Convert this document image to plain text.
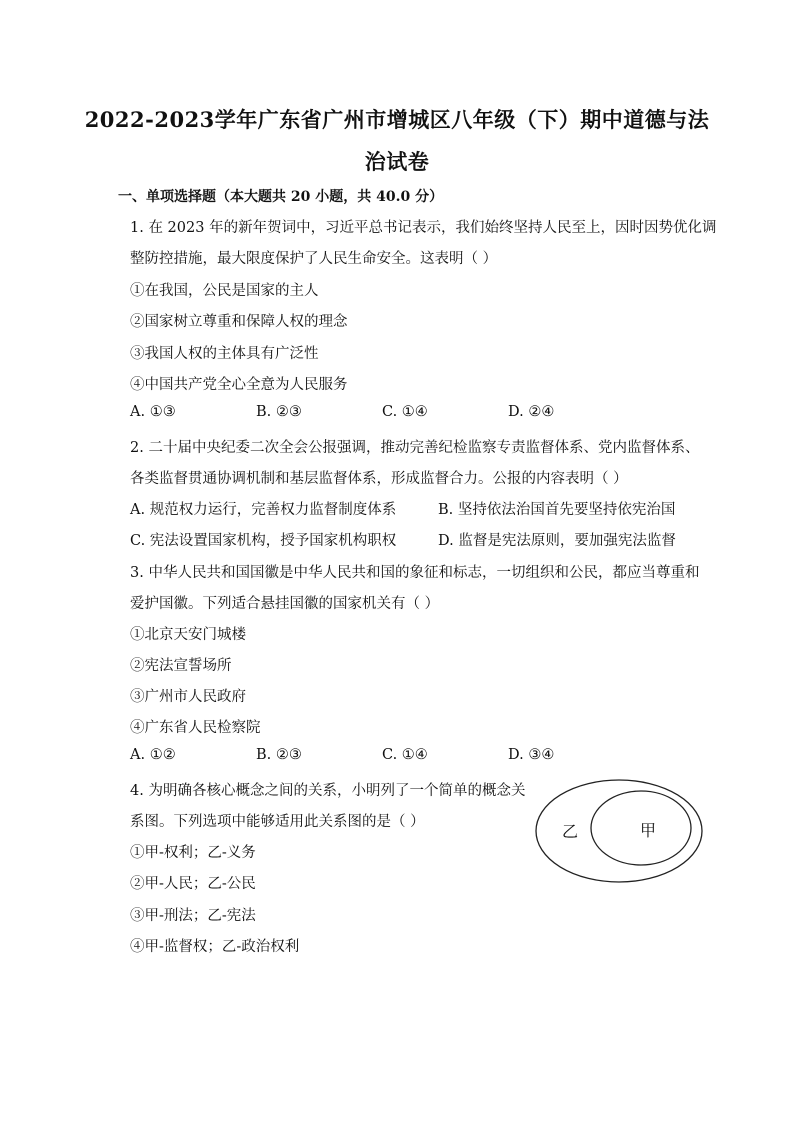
2022-2023学年广东省广州市增城区八年级（下）期中道德与法
治试卷
一、单项选择题（本大题共 20 小题，共 40.0 分）
1. 在 2023 年的新年贺词中，习近平总书记表示，我们始终坚持人民至上，因时因势优化调
整防控措施，最大限度保护了人民生命安全。这表明（ ）
①在我国，公民是国家的主人
②国家树立尊重和保障人权的理念
③我国人权的主体具有广泛性
④中国共产党全心全意为人民服务
A. ①③	B. ②③	C. ①④	D. ②④
2. 二十届中央纪委二次全会公报强调，推动完善纪检监察专责监督体系、党内监督体系、
各类监督贯通协调机制和基层监督体系，形成监督合力。公报的内容表明（ ）
A. 规范权力运行，完善权力监督制度体系	B. 坚持依法治国首先要坚持依宪治国
C. 宪法设置国家机构，授予国家机构职权	D. 监督是宪法原则，要加强宪法监督
3. 中华人民共和国国徽是中华人民共和国的象征和标志，一切组织和公民，都应当尊重和
爱护国徽。下列适合悬挂国徽的国家机关有（ ）
①北京天安门城楼
②宪法宣誓场所
③广州市人民政府
④广东省人民检察院
A. ①②	B. ②③	C. ①④	D. ③④
4. 为明确各核心概念之间的关系，小明列了一个简单的概念关
系图。下列选项中能够适用此关系图的是（ ）
①甲-权利；乙-义务
②甲-人民；乙-公民
③甲-刑法；乙-宪法
④甲-监督权；乙-政治权利
乙	甲
